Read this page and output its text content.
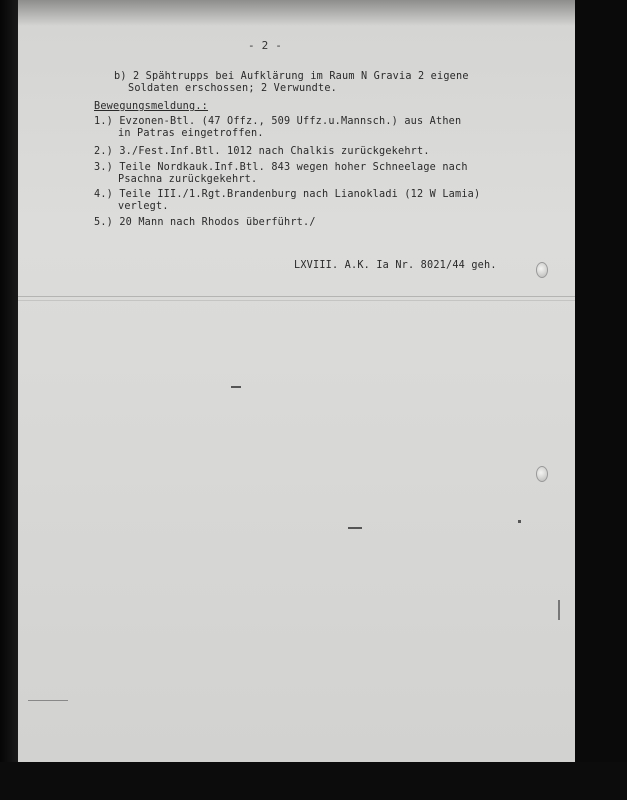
- 2 -
b) 2 Spähtrupps bei Aufklärung im Raum N Gravia 2 eigene
Soldaten erschossen; 2 Verwundte.
Bewegungsmeldung.:
1.) Evzonen-Btl. (47 Offz., 509 Uffz.u.Mannsch.) aus Athen
in Patras eingetroffen.
2.) 3./Fest.Inf.Btl. 1012 nach Chalkis zurückgekehrt.
3.) Teile Nordkauk.Inf.Btl. 843 wegen hoher Schneelage nach
Psachna zurückgekehrt.
4.) Teile III./1.Rgt.Brandenburg nach Lianokladi (12 W Lamia)
verlegt.
5.) 20 Mann nach Rhodos überführt./
LXVIII. A.K. Ia Nr. 8021/44 geh.
